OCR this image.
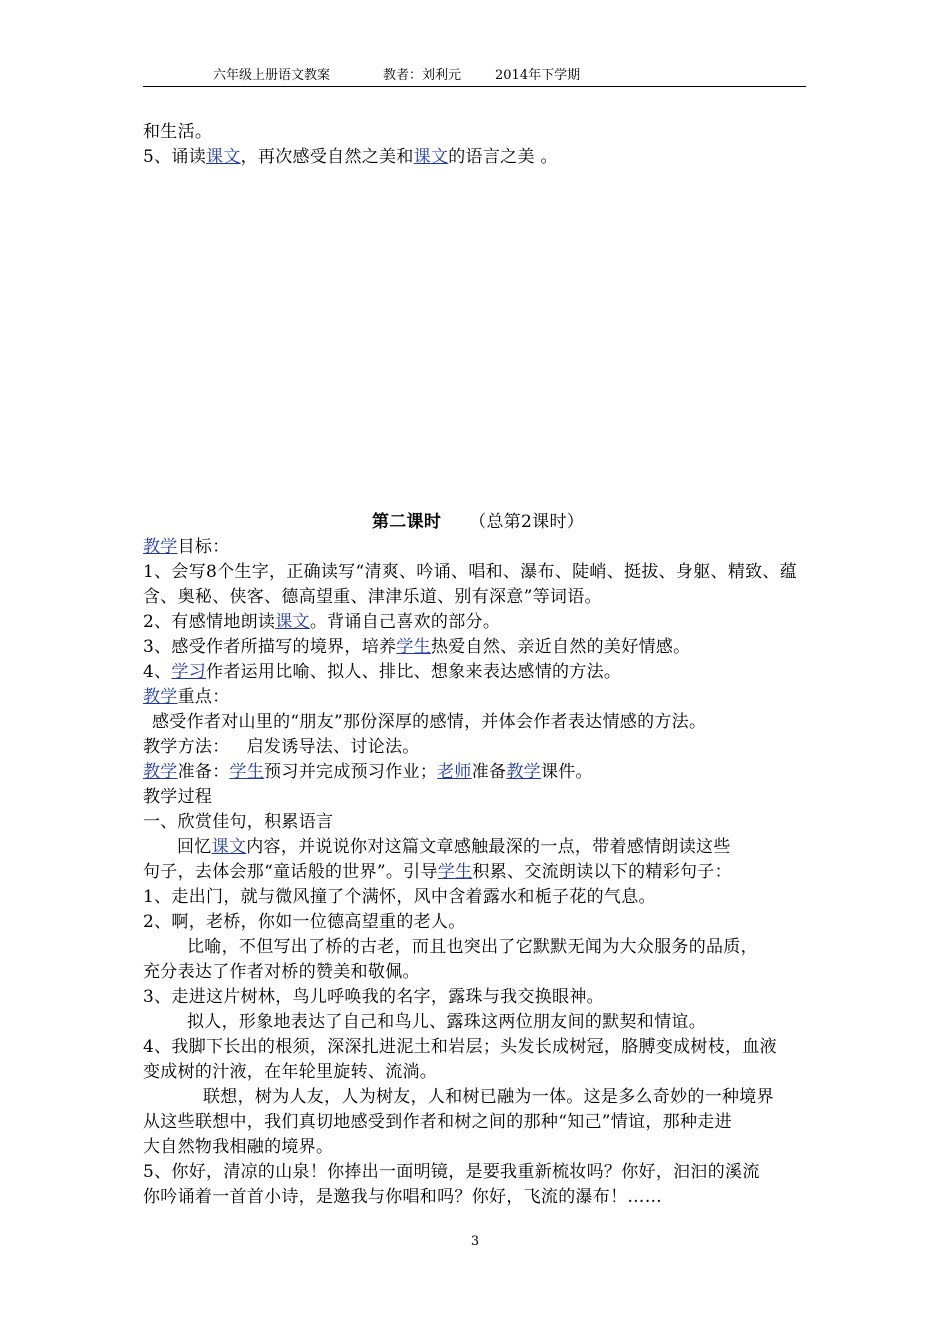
六年级上册语文教案	教者：刘利元	2014年下学期

和生活。

5、诵读课文，再次感受自然之美和课文的语言之美 。

第二课时 （总第2课时）

教学目标：

1、会写8个生字，正确读写“清爽、吟诵、唱和、瀑布、陡峭、挺拔、身躯、精致、蕴

含、奥秘、侠客、德高望重、津津乐道、别有深意”等词语。

2、有感情地朗读课文。背诵自己喜欢的部分。

3、感受作者所描写的境界，培养学生热爱自然、亲近自然的美好情感。

4、学习作者运用比喻、拟人、排比、想象来表达感情的方法。

教学重点：

感受作者对山里的“朋友”那份深厚的感情，并体会作者表达情感的方法。

教学方法：   启发诱导法、讨论法。

教学准备：学生预习并完成预习作业；老师准备教学课件。

教学过程

一、欣赏佳句，积累语言

回忆课文内容，并说说你对这篇文章感触最深的一点，带着感情朗读这些

句子，去体会那“童话般的世界”。引导学生积累、交流朗读以下的精彩句子：

1、走出门，就与微风撞了个满怀，风中含着露水和栀子花的气息。

2、啊，老桥，你如一位德高望重的老人。

比喻，不但写出了桥的古老，而且也突出了它默默无闻为大众服务的品质，

充分表达了作者对桥的赞美和敬佩。

3、走进这片树林，鸟儿呼唤我的名字，露珠与我交换眼神。

拟人，形象地表达了自己和鸟儿、露珠这两位朋友间的默契和情谊。

4、我脚下长出的根须，深深扎进泥土和岩层；头发长成树冠，胳膊变成树枝，血液

变成树的汁液，在年轮里旋转、流淌。

联想，树为人友，人为树友，人和树已融为一体。这是多么奇妙的一种境界

从这些联想中，我们真切地感受到作者和树之间的那种“知己”情谊，那种走进

大自然物我相融的境界。

5、你好，清凉的山泉！你捧出一面明镜，是要我重新梳妆吗？你好，汩汩的溪流

你吟诵着一首首小诗，是邀我与你唱和吗？你好，飞流的瀑布！……

3
